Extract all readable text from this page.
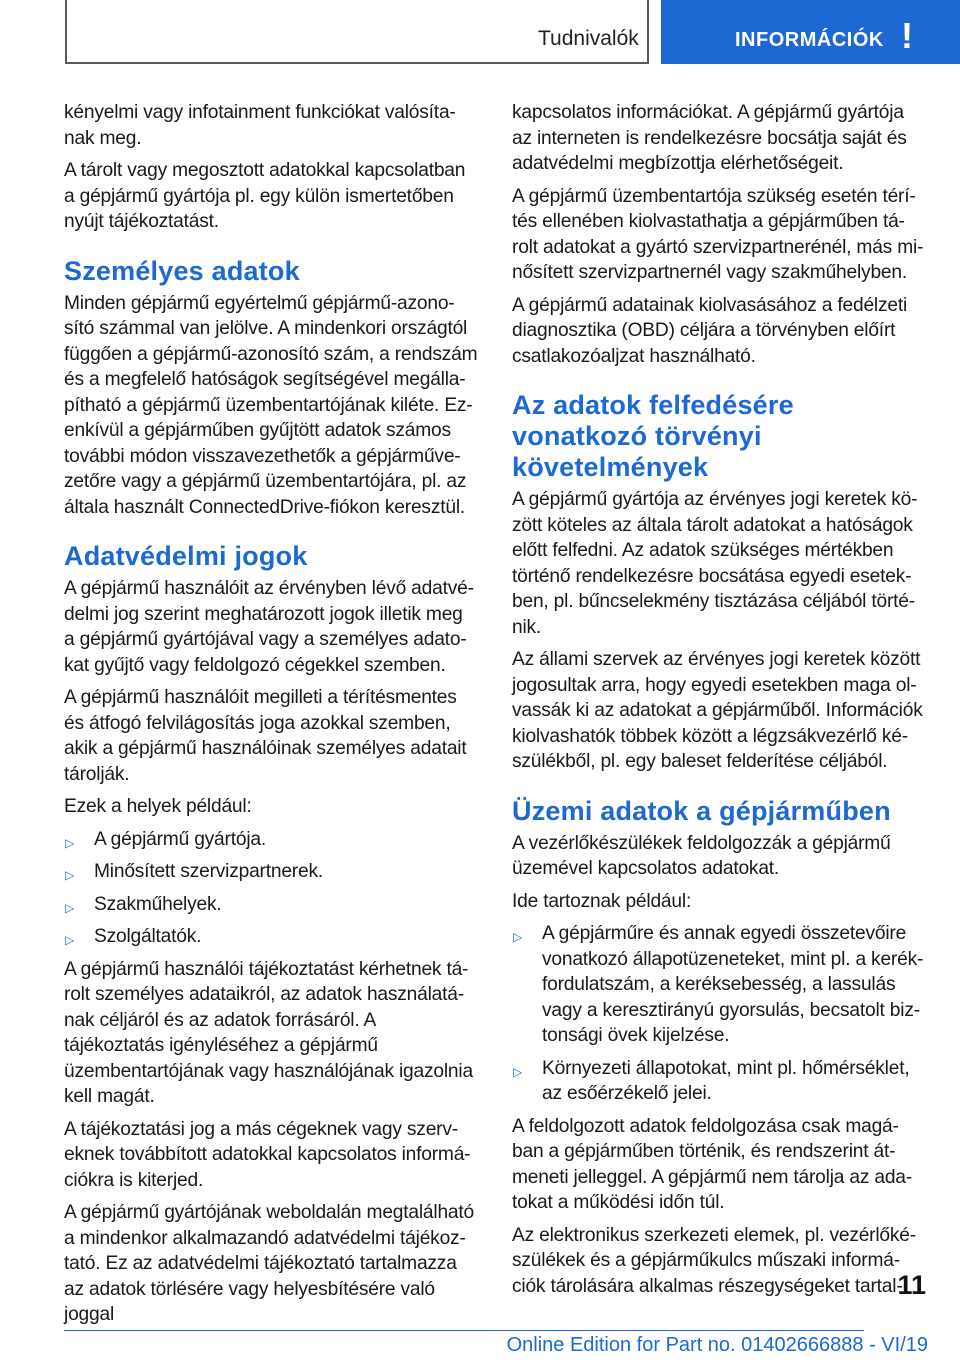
Tudnivalók	INFORMÁCIÓK !

kényelmi vagy infotainment funkciókat valósíta- nak meg.

A tárolt vagy megosztott adatokkal kapcsolatban a gépjármű gyártója pl. egy külön ismertetőben nyújt tájékoztatást.

Személyes adatok

Minden gépjármű egyértelmű gépjármű-azono- sító számmal van jelölve. A mindenkori országtól függően a gépjármű-azonosító szám, a rendszám és a megfelelő hatóságok segítségével megálla- pítható a gépjármű üzembentartójának kiléte. Ez- enkívül a gépjárműben gyűjtött adatok számos további módon visszavezethetők a gépjárműve- zetőre vagy a gépjármű üzembentartójára, pl. az általa használt ConnectedDrive-fiókon keresztül.

Adatvédelmi jogok

A gépjármű használóit az érvényben lévő adatvé- delmi jog szerint meghatározott jogok illetik meg a gépjármű gyártójával vagy a személyes adato- kat gyűjtő vagy feldolgozó cégekkel szemben.

A gépjármű használóit megilleti a térítésmentes és átfogó felvilágosítás joga azokkal szemben, akik a gépjármű használóinak személyes adatait tárolják.

Ezek a helyek például:

▷ A gépjármű gyártója.
▷ Minősített szervizpartnerek.
▷ Szakműhelyek.
▷ Szolgáltatók.

A gépjármű használói tájékoztatást kérhetnek tá- rolt személyes adataikról, az adatok használatá- nak céljáról és az adatok forrásáról. A tájékoztatás igényléséhez a gépjármű üzembentartójának vagy használójának igazolnia kell magát.

A tájékoztatási jog a más cégeknek vagy szerv- eknek továbbított adatokkal kapcsolatos informá- ciókra is kiterjed.

A gépjármű gyártójának weboldalán megtalálható a mindenkor alkalmazandó adatvédelmi tájékoz- tató. Ez az adatvédelmi tájékoztató tartalmazza az adatok törlésére vagy helyesbítésére való joggal

kapcsolatos információkat. A gépjármű gyártója az interneten is rendelkezésre bocsátja saját és adatvédelmi megbízottja elérhetőségeit.

A gépjármű üzembentartója szükség esetén térí- tés ellenében kiolvastathatja a gépjárműben tá- rolt adatokat a gyártó szervizpartnerénél, más mi- nősített szervizpartnernél vagy szakműhelyben.

A gépjármű adatainak kiolvasásához a fedélzeti diagnosztika (OBD) céljára a törvényben előírt csatlakozóaljzat használható.

Az adatok felfedésére vonatkozó törvényi követelmények

A gépjármű gyártója az érvényes jogi keretek kö- zött köteles az általa tárolt adatokat a hatóságok előtt felfedni. Az adatok szükséges mértékben történő rendelkezésre bocsátása egyedi esetek- ben, pl. bűncselekmény tisztázása céljából törté- nik.

Az állami szervek az érvényes jogi keretek között jogosultak arra, hogy egyedi esetekben maga ol- vassák ki az adatokat a gépjárműből. Információk kiolvashatók többek között a légzsákvezérlő ké- szülékből, pl. egy baleset felderítése céljából.

Üzemi adatok a gépjárműben

A vezérlőkészülékek feldolgozzák a gépjármű üzemével kapcsolatos adatokat.

Ide tartoznak például:

▷ A gépjárműre és annak egyedi összetevőire vonatkozó állapotüzeneteket, mint pl. a kerék- fordulatszám, a keréksebesség, a lassulás vagy a keresztirányú gyorsulás, becsatolt biz- tonsági övek kijelzése.
▷ Környezeti állapotokat, mint pl. hőmérséklet, az esőérzékelő jelei.

A feldolgozott adatok feldolgozása csak magá- ban a gépjárműben történik, és rendszerint át- meneti jelleggel. A gépjármű nem tárolja az ada- tokat a működési időn túl.

Az elektronikus szerkezeti elemek, pl. vezérlőké- szülékek és a gépjárműkulcs műszaki informá- ciók tárolására alkalmas részegységeket tartal-

11
Online Edition for Part no. 01402666888 - VI/19
